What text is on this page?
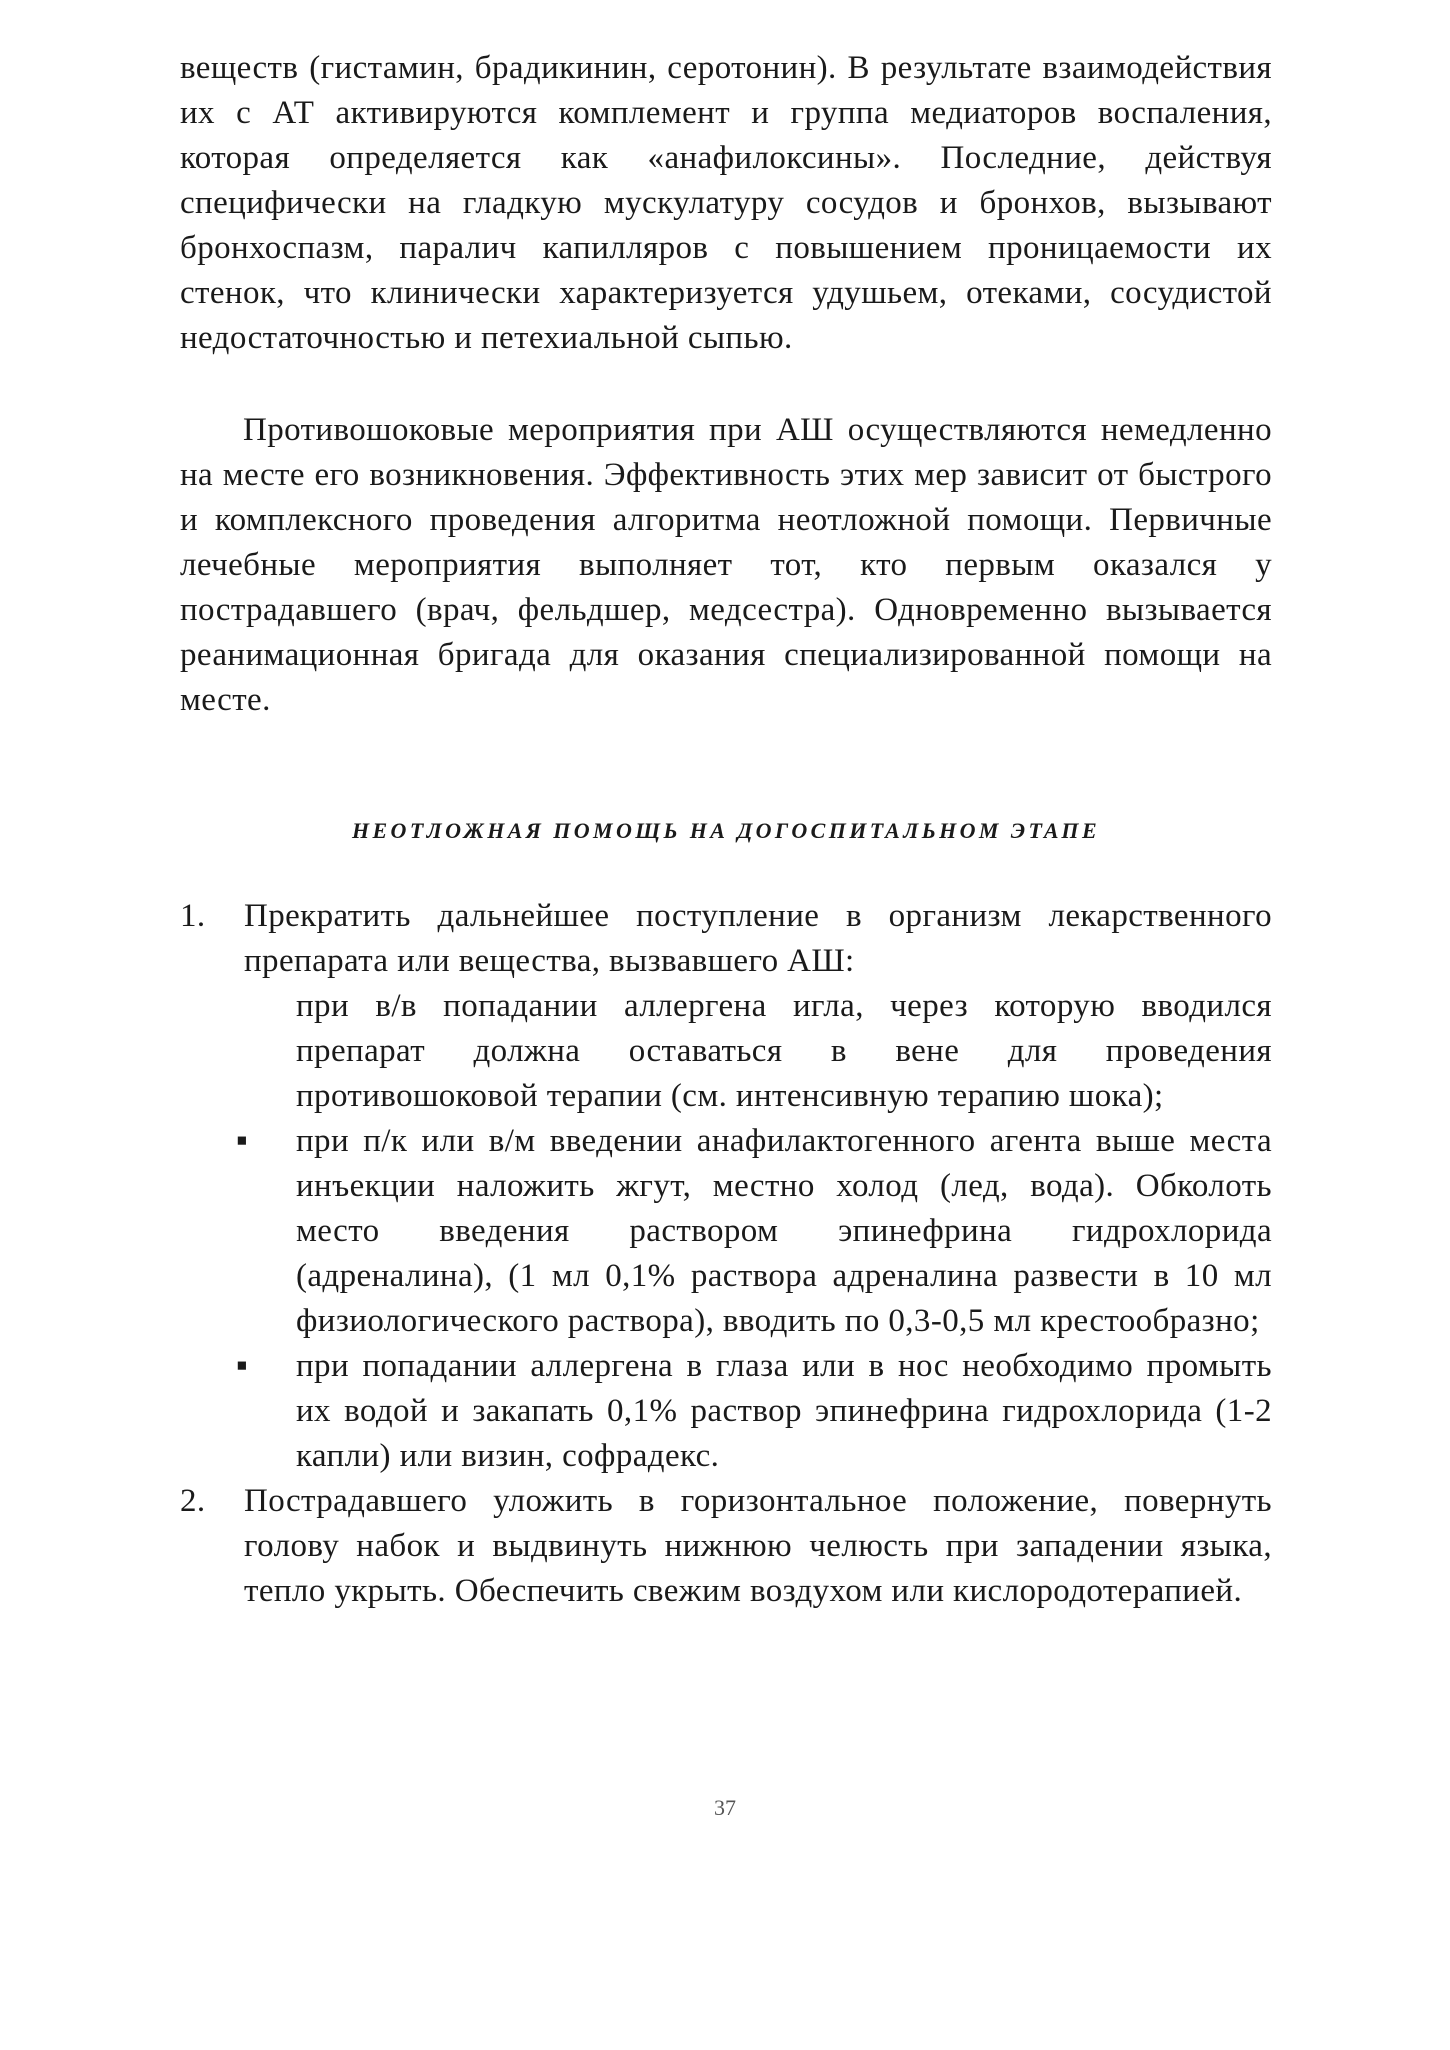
веществ (гистамин, брадикинин, серотонин). В результате взаимодействия их с АТ активируются комплемент и группа медиаторов воспаления, которая определяется как «анафилоксины». Последние, действуя специфически на гладкую мускулатуру сосудов и бронхов, вызывают бронхоспазм, паралич капилляров с повышением проницаемости их стенок, что клинически характеризуется удушьем, отеками, сосудистой недостаточностью и петехиальной сыпью.

Противошоковые мероприятия при АШ осуществляются немедленно на месте его возникновения. Эффективность этих мер зависит от быстрого и комплексного проведения алгоритма неотложной помощи. Первичные лечебные мероприятия выполняет тот, кто первым оказался у пострадавшего (врач, фельдшер, медсестра). Одновременно вызывается реанимационная бригада для оказания специализированной помощи на месте.

НЕОТЛОЖНАЯ ПОМОЩЬ НА ДОГОСПИТАЛЬНОМ ЭТАПЕ
1. Прекратить дальнейшее поступление в организм лекарственного препарата или вещества, вызвавшего АШ:
при в/в попадании аллергена игла, через которую вводился препарат должна оставаться в вене для проведения противошоковой терапии (см. интенсивную терапию шока);
▪ при п/к или в/м введении анафилактогенного агента выше места инъекции наложить жгут, местно холод (лед, вода). Обколоть место введения раствором эпинефрина гидрохлорида (адреналина), (1 мл 0,1% раствора адреналина развести в 10 мл физиологического раствора), вводить по 0,3-0,5 мл крестообразно;
▪ при попадании аллергена в глаза или в нос необходимо промыть их водой и закапать 0,1% раствор эпинефрина гидрохлорида (1-2 капли) или визин, софрадекс.
2. Пострадавшего уложить в горизонтальное положение, повернуть голову набок и выдвинуть нижнюю челюсть при западении языка, тепло укрыть. Обеспечить свежим воздухом или кислородотерапией.
37
